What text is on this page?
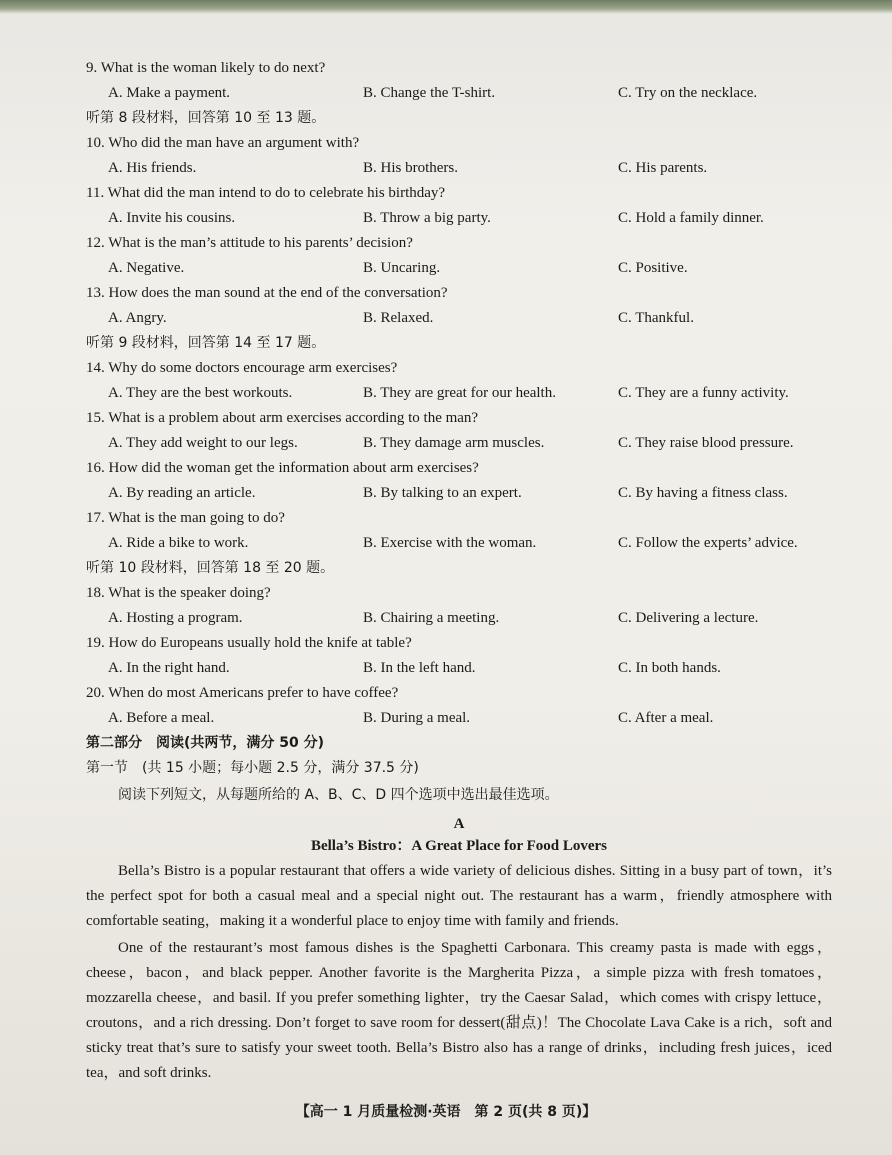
9. What is the woman likely to do next?

A. Make a payment.	B. Change the T-shirt.	C. Try on the necklace.
听第 8 段材料，回答第 10 至 13 题。

10. Who did the man have an argument with?

A. His friends.	B. His brothers.	C. His parents.

11. What did the man intend to do to celebrate his birthday?

A. Invite his cousins.	B. Throw a big party.	C. Hold a family dinner.

12. What is the man’s attitude to his parents’ decision?

A. Negative.	B. Uncaring.	C. Positive.

13. How does the man sound at the end of the conversation?

A. Angry.	B. Relaxed.	C. Thankful.
听第 9 段材料，回答第 14 至 17 题。

14. Why do some doctors encourage arm exercises?

A. They are the best workouts.	B. They are great for our health.	C. They are a funny activity.

15. What is a problem about arm exercises according to the man?

A. They add weight to our legs.	B. They damage arm muscles.	C. They raise blood pressure.

16. How did the woman get the information about arm exercises?

A. By reading an article.	B. By talking to an expert.	C. By having a fitness class.

17. What is the man going to do?

A. Ride a bike to work.	B. Exercise with the woman.	C. Follow the experts’ advice.
听第 10 段材料，回答第 18 至 20 题。

18. What is the speaker doing?

A. Hosting a program.	B. Chairing a meeting.	C. Delivering a lecture.

19. How do Europeans usually hold the knife at table?

A. In the right hand.	B. In the left hand.	C. In both hands.

20. When do most Americans prefer to have coffee?

A. Before a meal.	B. During a meal.	C. After a meal.
第二部分　阅读(共两节，满分 50 分)
第一节　(共 15 小题；每小题 2.5 分，满分 37.5 分)
阅读下列短文，从每题所给的 A、B、C、D 四个选项中选出最佳选项。
A
Bella’s Bistro：A Great Place for Food Lovers

Bella’s Bistro is a popular restaurant that offers a wide variety of delicious dishes. Sitting in a busy part of town，it’s the perfect spot for both a casual meal and a special night out. The restaurant has a warm，friendly atmosphere with comfortable seating，making it a wonderful place to enjoy time with family and friends.

One of the restaurant’s most famous dishes is the Spaghetti Carbonara. This creamy pasta is made with eggs，cheese，bacon，and black pepper. Another favorite is the Margherita Pizza，a simple pizza with fresh tomatoes，mozzarella cheese，and basil. If you prefer something lighter，try the Caesar Salad，which comes with crispy lettuce，croutons，and a rich dressing. Don’t forget to save room for dessert(甜点)！The Chocolate Lava Cake is a rich，soft and sticky treat that’s sure to satisfy your sweet tooth. Bella’s Bistro also has a range of drinks，including fresh juices，iced tea，and soft drinks.

【高一 1 月质量检测·英语　第 2 页(共 8 页)】
